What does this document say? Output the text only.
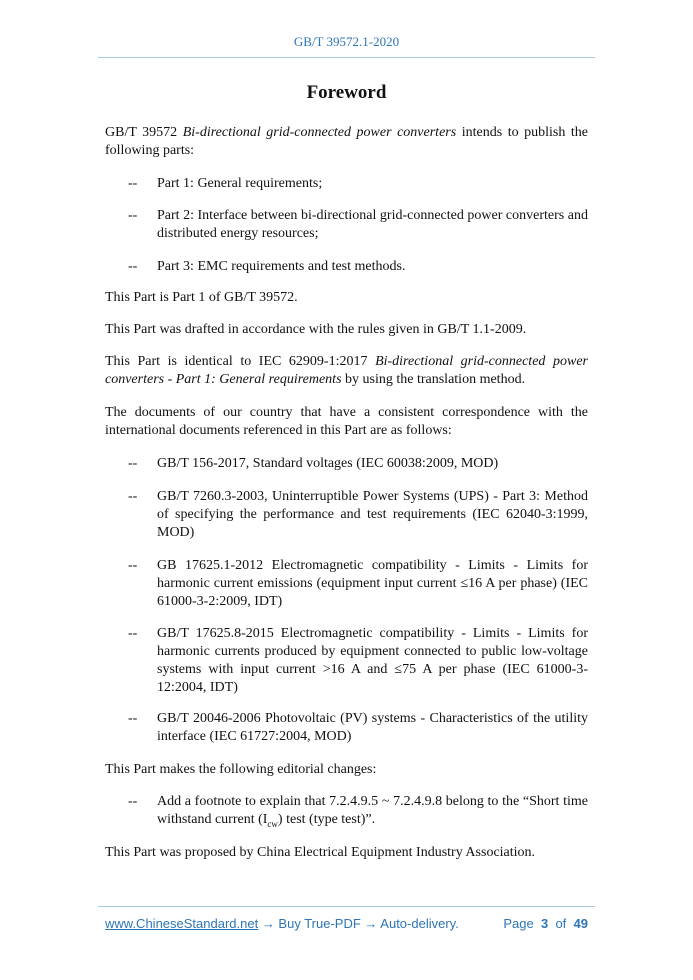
GB/T 39572.1-2020
Foreword
GB/T 39572 Bi-directional grid-connected power converters intends to publish the following parts:
-- Part 1: General requirements;
-- Part 2: Interface between bi-directional grid-connected power converters and distributed energy resources;
-- Part 3: EMC requirements and test methods.
This Part is Part 1 of GB/T 39572.
This Part was drafted in accordance with the rules given in GB/T 1.1-2009.
This Part is identical to IEC 62909-1:2017 Bi-directional grid-connected power converters - Part 1: General requirements by using the translation method.
The documents of our country that have a consistent correspondence with the international documents referenced in this Part are as follows:
-- GB/T 156-2017, Standard voltages (IEC 60038:2009, MOD)
-- GB/T 7260.3-2003, Uninterruptible Power Systems (UPS) - Part 3: Method of specifying the performance and test requirements (IEC 62040-3:1999, MOD)
-- GB 17625.1-2012 Electromagnetic compatibility - Limits - Limits for harmonic current emissions (equipment input current ≤16 A per phase) (IEC 61000-3-2:2009, IDT)
-- GB/T 17625.8-2015 Electromagnetic compatibility - Limits - Limits for harmonic currents produced by equipment connected to public low-voltage systems with input current >16 A and ≤75 A per phase (IEC 61000-3-12:2004, IDT)
-- GB/T 20046-2006 Photovoltaic (PV) systems - Characteristics of the utility interface (IEC 61727:2004, MOD)
This Part makes the following editorial changes:
-- Add a footnote to explain that 7.2.4.9.5 ~ 7.2.4.9.8 belong to the “Short time withstand current $(I_{cw})$ test (type test)”.
This Part was proposed by China Electrical Equipment Industry Association.
www.ChineseStandard.net → Buy True-PDF → Auto-delivery.	Page 3 of 49
